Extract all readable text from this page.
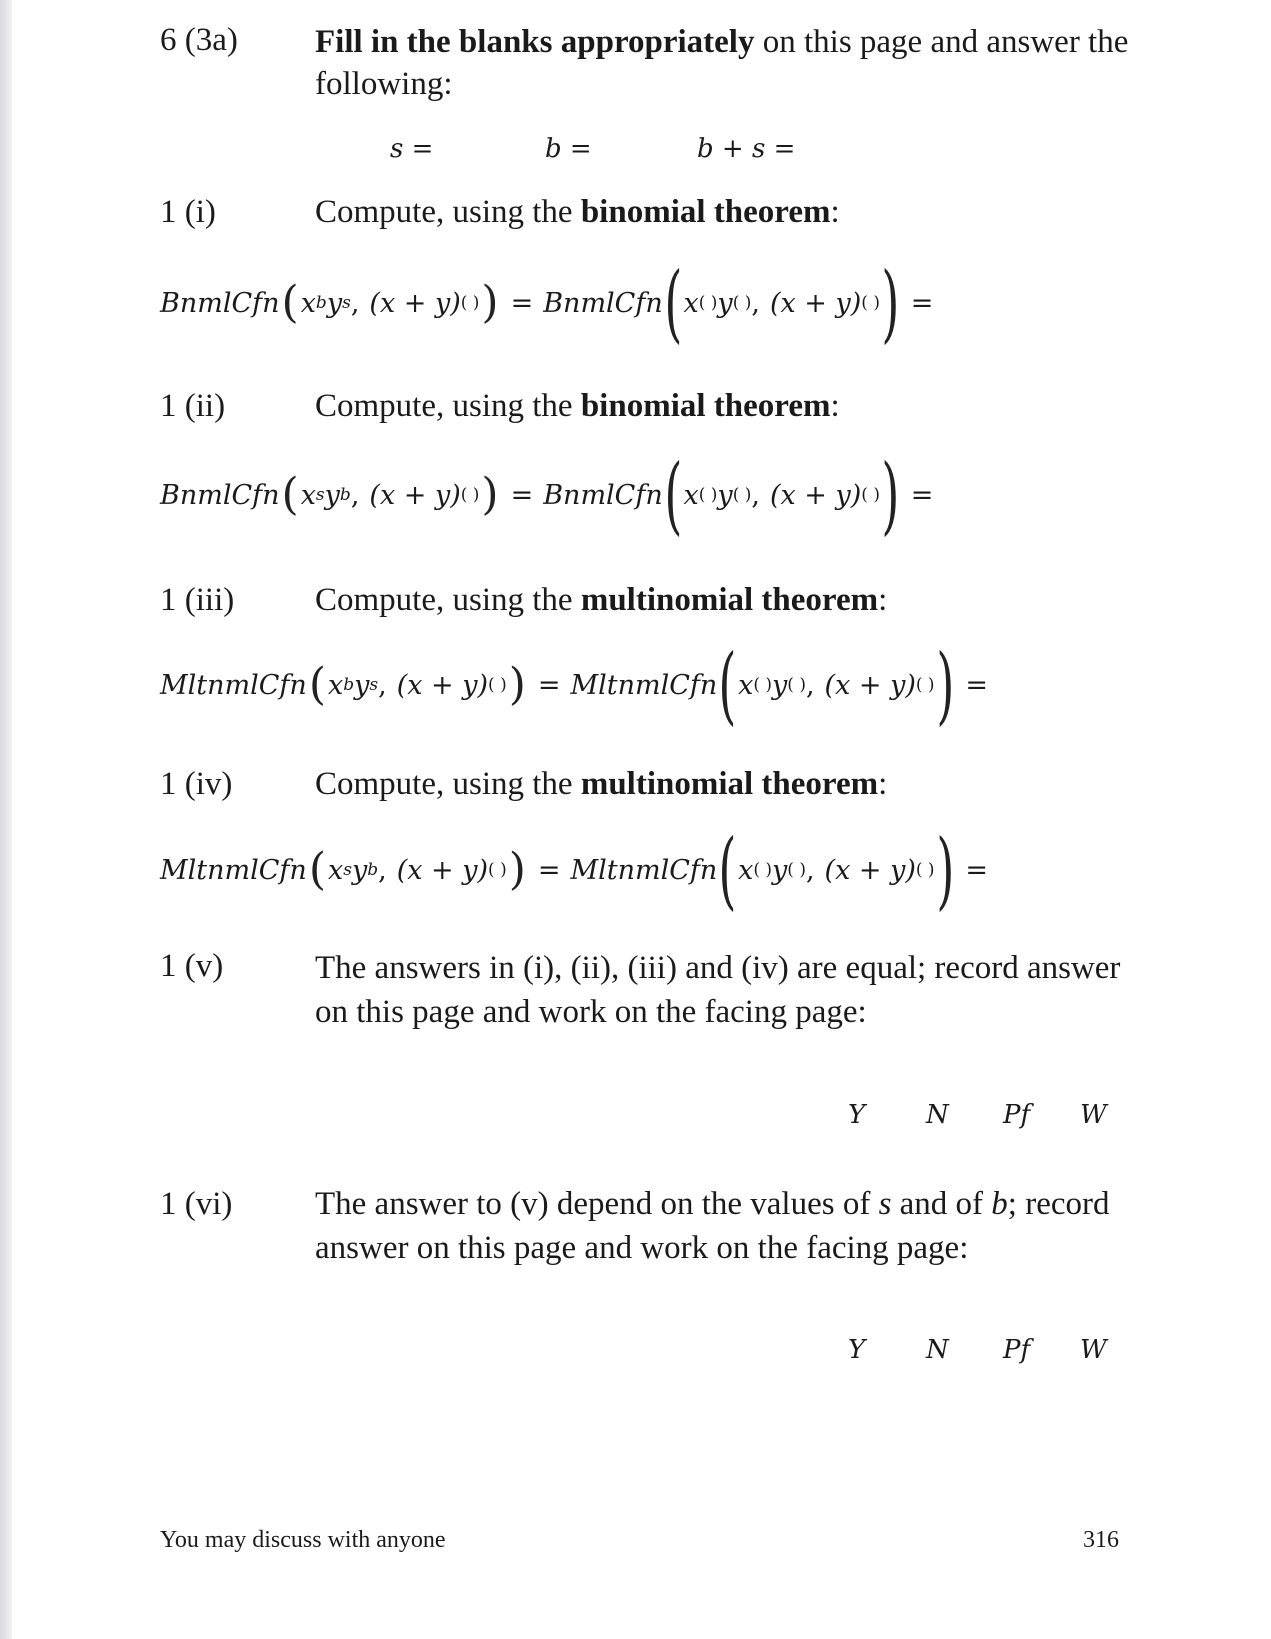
6 (3a) Fill in the blanks appropriately on this page and answer the
following:
s =	b =	b + s =
1 (i)	Compute, using the binomial theorem:
BnmlCfn ( x b y s , (x + y) ( ) ) = BnmlCfn ( x ( ) y ( ) , (x + y) ( ) ) =
1 (ii)	Compute, using the binomial theorem:
BnmlCfn ( x s y b , (x + y) ( ) ) = BnmlCfn ( x ( ) y ( ) , (x + y) ( ) ) =
1 (iii) Compute, using the multinomial theorem:
MltnmlCfn ( x b y s , (x + y) ( ) ) = MltnmlCfn ( x ( ) y ( ) , (x + y) ( ) ) =
1 (iv)	Compute, using the multinomial theorem:
MltnmlCfn ( x s y b , (x + y) ( ) ) = MltnmlCfn ( x ( ) y ( ) , (x + y) ( ) ) =
1 (v)	The answers in (i), (ii), (iii) and (iv) are equal; record answer
on this page and work on the facing page:
Y N Pf W
1 (vi)	The answer to (v) depend on the values of s and of b; record
answer on this page and work on the facing page:
Y N Pf W
You may discuss with anyone	316
